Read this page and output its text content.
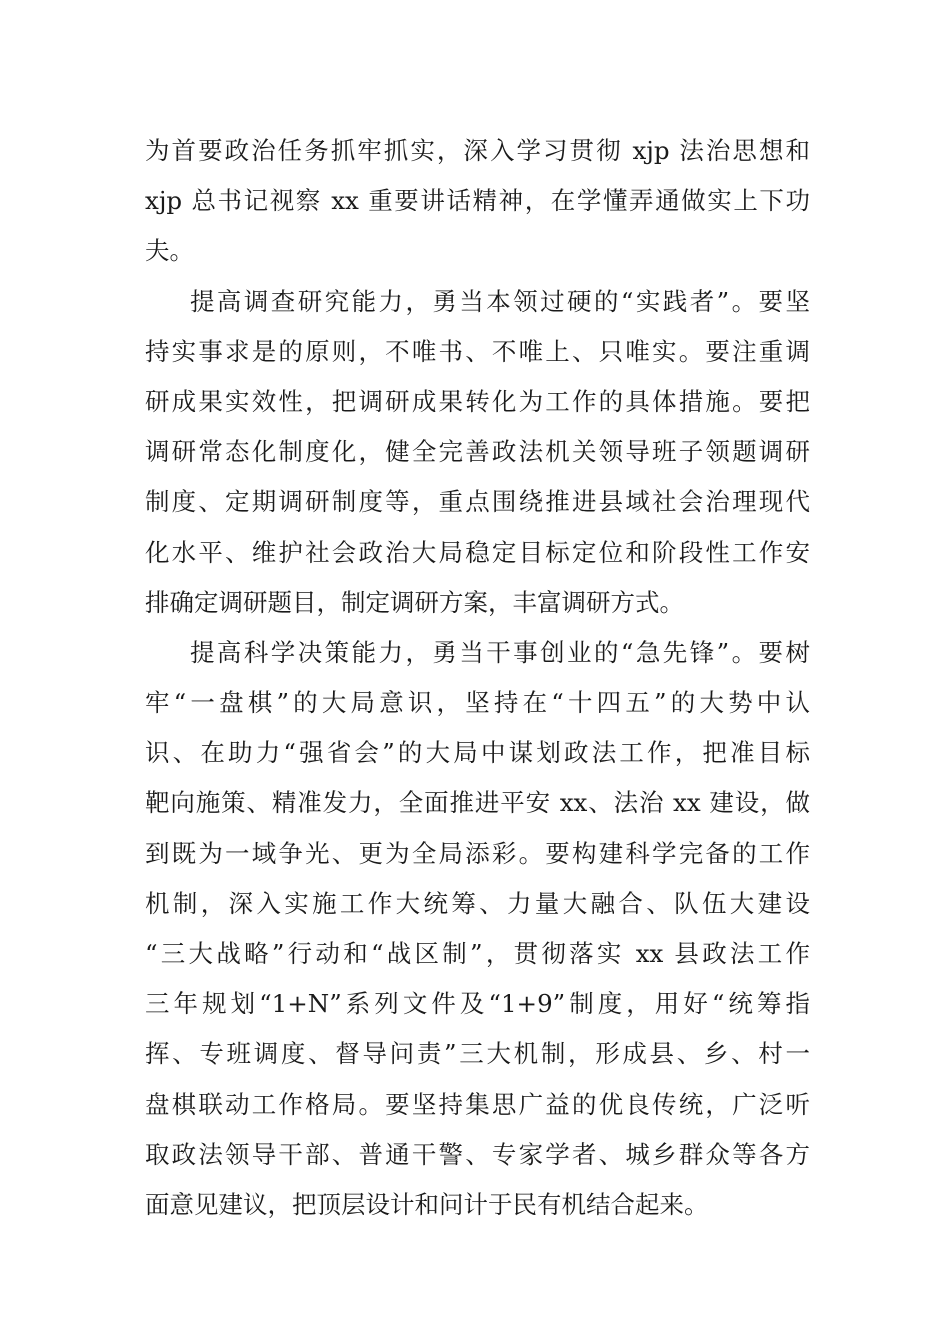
为首要政治任务抓牢抓实，深入学习贯彻 xjp 法治思想和
xjp 总书记视察 xx 重要讲话精神，在学懂弄通做实上下功
夫。
提高调查研究能力，勇当本领过硬的“实践者”。要坚
持实事求是的原则，不唯书、不唯上、只唯实。要注重调
研成果实效性，把调研成果转化为工作的具体措施。要把
调研常态化制度化，健全完善政法机关领导班子领题调研
制度、定期调研制度等，重点围绕推进县域社会治理现代
化水平、维护社会政治大局稳定目标定位和阶段性工作安
排确定调研题目，制定调研方案，丰富调研方式。
提高科学决策能力，勇当干事创业的“急先锋”。要树
牢“一盘棋”的大局意识，坚持在“十四五”的大势中认
识、在助力“强省会”的大局中谋划政法工作，把准目标
靶向施策、精准发力，全面推进平安 xx、法治 xx 建设，做
到既为一域争光、更为全局添彩。要构建科学完备的工作
机制，深入实施工作大统筹、力量大融合、队伍大建设
“三大战略”行动和“战区制”，贯彻落实 xx 县政法工作
三年规划“1+N”系列文件及“1+9”制度，用好“统筹指
挥、专班调度、督导问责”三大机制，形成县、乡、村一
盘棋联动工作格局。要坚持集思广益的优良传统，广泛听
取政法领导干部、普通干警、专家学者、城乡群众等各方
面意见建议，把顶层设计和问计于民有机结合起来。
